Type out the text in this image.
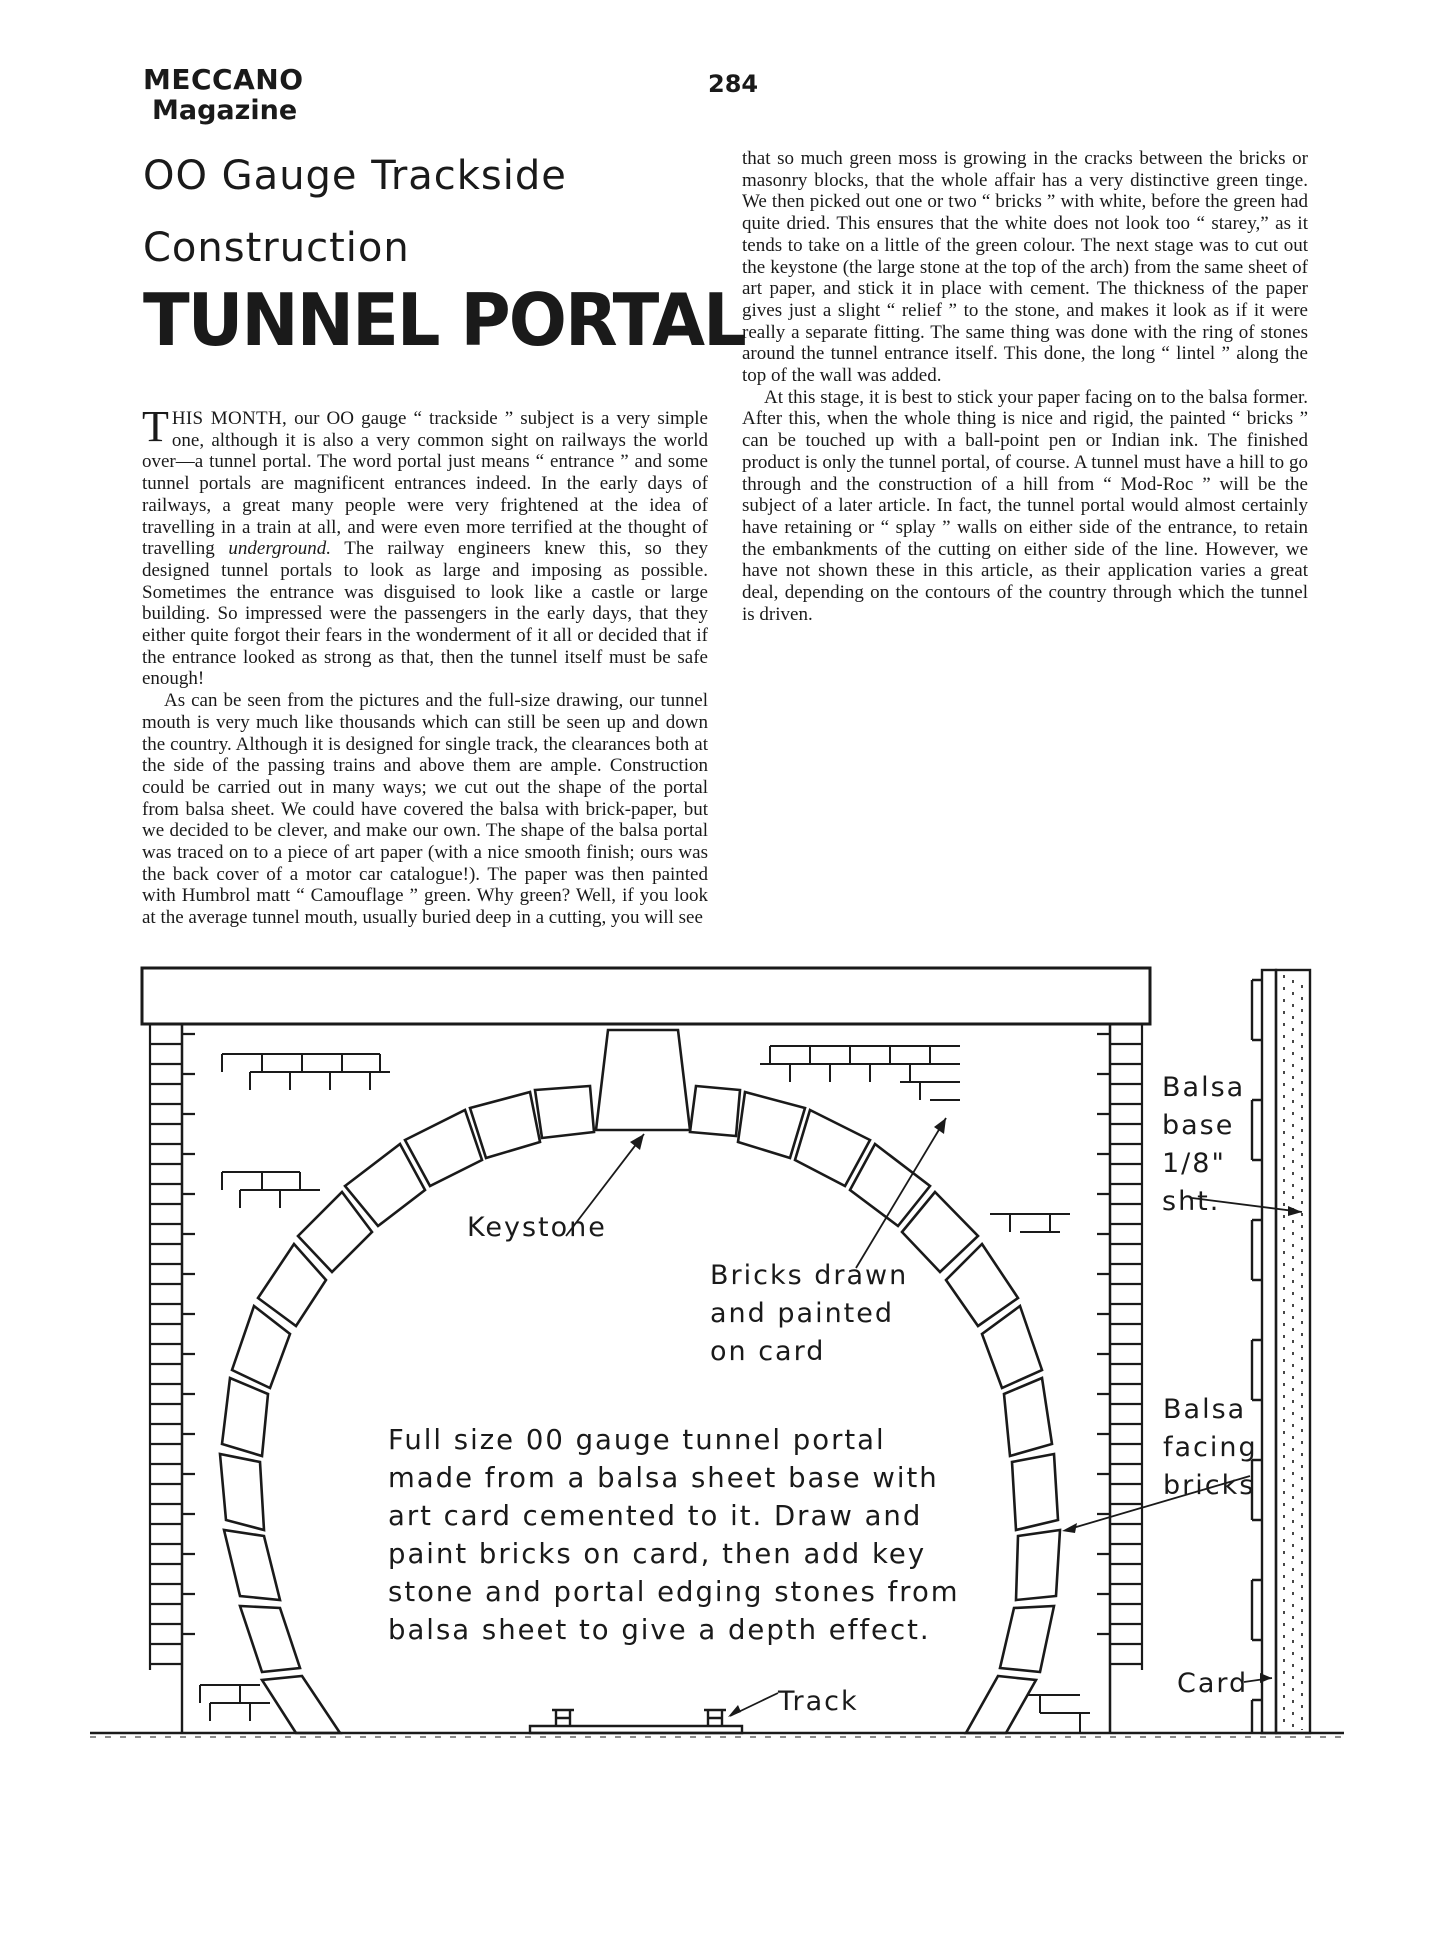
MECCANO
Magazine
284
OO Gauge Trackside
Construction
TUNNEL PORTAL

THIS MONTH, our OO gauge “ trackside ” subject is a very simple one, although it is also a very common sight on railways the world over—a tunnel portal. The word portal just means “ entrance ” and some tunnel portals are magnificent entrances indeed. In the early days of railways, a great many people were very frightened at the idea of travelling in a train at all, and were even more terrified at the thought of travelling underground. The railway engineers knew this, so they designed tunnel portals to look as large and imposing as possible. Sometimes the entrance was disguised to look like a castle or large building. So impressed were the passengers in the early days, that they either quite forgot their fears in the wonderment of it all or decided that if the entrance looked as strong as that, then the tunnel itself must be safe enough!

As can be seen from the pictures and the full-size drawing, our tunnel mouth is very much like thousands which can still be seen up and down the country. Although it is designed for single track, the clearances both at the side of the passing trains and above them are ample. Construction could be carried out in many ways; we cut out the shape of the portal from balsa sheet. We could have covered the balsa with brick-paper, but we decided to be clever, and make our own. The shape of the balsa portal was traced on to a piece of art paper (with a nice smooth finish; ours was the back cover of a motor car catalogue!). The paper was then painted with Humbrol matt “ Camouflage ” green. Why green? Well, if you look at the average tunnel mouth, usually buried deep in a cutting, you will see

that so much green moss is growing in the cracks between the bricks or masonry blocks, that the whole affair has a very distinctive green tinge. We then picked out one or two “ bricks ” with white, before the green had quite dried. This ensures that the white does not look too “ starey,” as it tends to take on a little of the green colour. The next stage was to cut out the keystone (the large stone at the top of the arch) from the same sheet of art paper, and stick it in place with cement. The thickness of the paper gives just a slight “ relief ” to the stone, and makes it look as if it were really a separate fitting. The same thing was done with the ring of stones around the tunnel entrance itself. This done, the long “ lintel ” along the top of the wall was added.

At this stage, it is best to stick your paper facing on to the balsa former. After this, when the whole thing is nice and rigid, the painted “ bricks ” can be touched up with a ball-point pen or Indian ink. The finished product is only the tunnel portal, of course. A tunnel must have a hill to go through and the construction of a hill from “ Mod-Roc ” will be the subject of a later article. In fact, the tunnel portal would almost certainly have retaining or “ splay ” walls on either side of the entrance, to retain the embankments of the cutting on either side of the line. However, we have not shown these in this article, as their application varies a great deal, depending on the contours of the country through which the tunnel is driven.

Keystone
Bricks drawn
and painted
on card
Balsa
base
1/8"
sht.
Balsa
facing
bricks
Card
Track
Full size 00 gauge tunnel portal
made from a balsa sheet base with
art card cemented to it. Draw and
paint bricks on card, then add key
stone and portal edging stones from
balsa sheet to give a depth effect.
